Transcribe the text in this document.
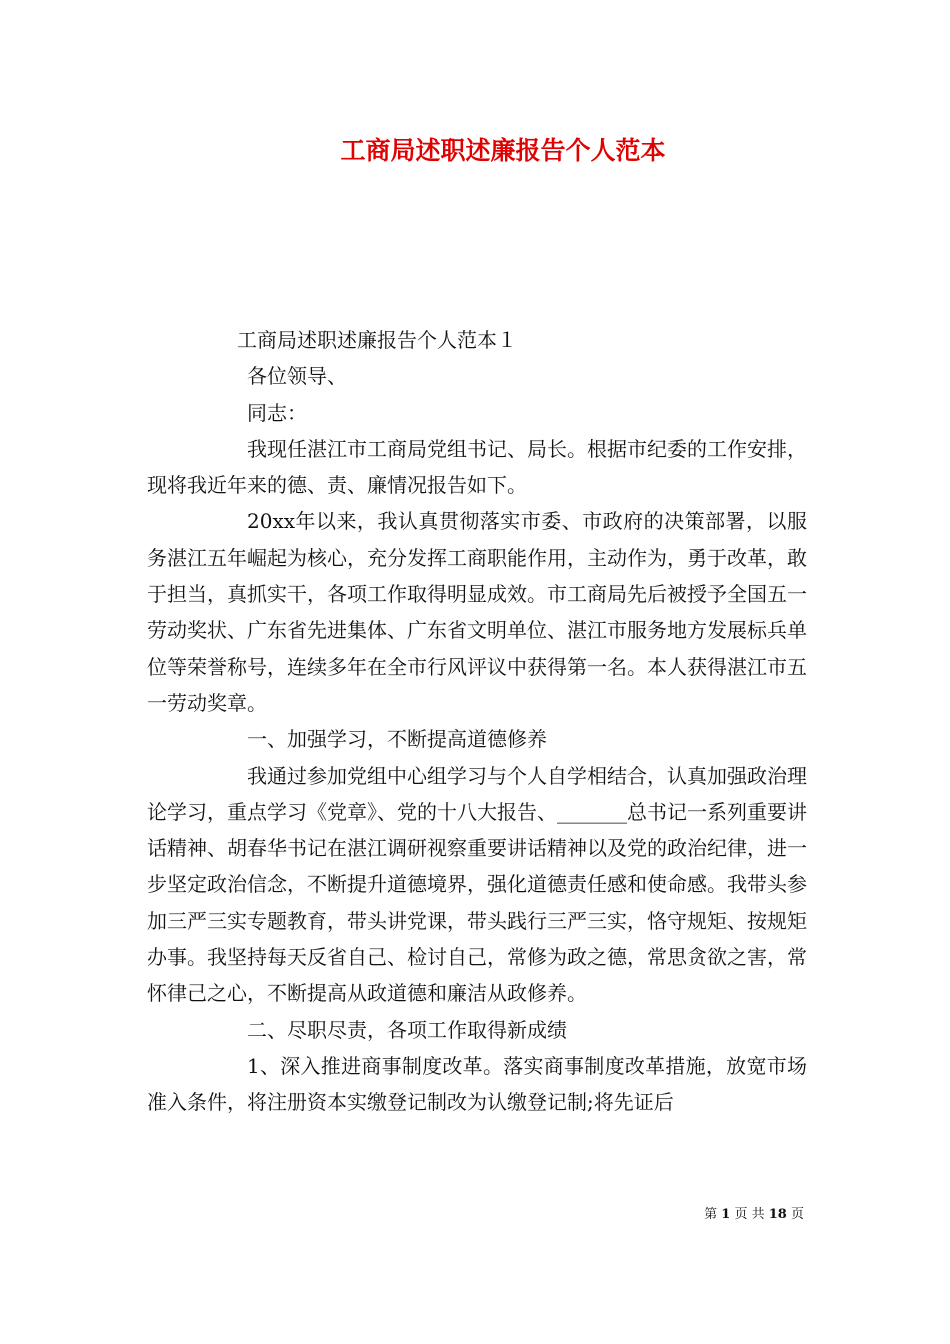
工商局述职述廉报告个人范本

工商局述职述廉报告个人范本１

各位领导、

同志：

我现任湛江市工商局党组书记、局长。根据市纪委的工作安排，现将我近年来的德、责、廉情况报告如下。

20xx年以来，我认真贯彻落实市委、市政府的决策部署，以服务湛江五年崛起为核心，充分发挥工商职能作用，主动作为，勇于改革，敢于担当，真抓实干，各项工作取得明显成效。市工商局先后被授予全国五一劳动奖状、广东省先进集体、广东省文明单位、湛江市服务地方发展标兵单位等荣誉称号，连续多年在全市行风评议中获得第一名。本人获得湛江市五一劳动奖章。

一、加强学习，不断提高道德修养

我通过参加党组中心组学习与个人自学相结合，认真加强政治理论学习，重点学习《党章》、党的十八大报告、_______总书记一系列重要讲话精神、胡春华书记在湛江调研视察重要讲话精神以及党的政治纪律，进一步坚定政治信念，不断提升道德境界，强化道德责任感和使命感。我带头参加三严三实专题教育，带头讲党课，带头践行三严三实，恪守规矩、按规矩办事。我坚持每天反省自己、检讨自己，常修为政之德，常思贪欲之害，常怀律己之心，不断提高从政道德和廉洁从政修养。

二、尽职尽责，各项工作取得新成绩

1、深入推进商事制度改革。落实商事制度改革措施，放宽市场准入条件，将注册资本实缴登记制改为认缴登记制;将先证后

第 1 页 共 18 页
